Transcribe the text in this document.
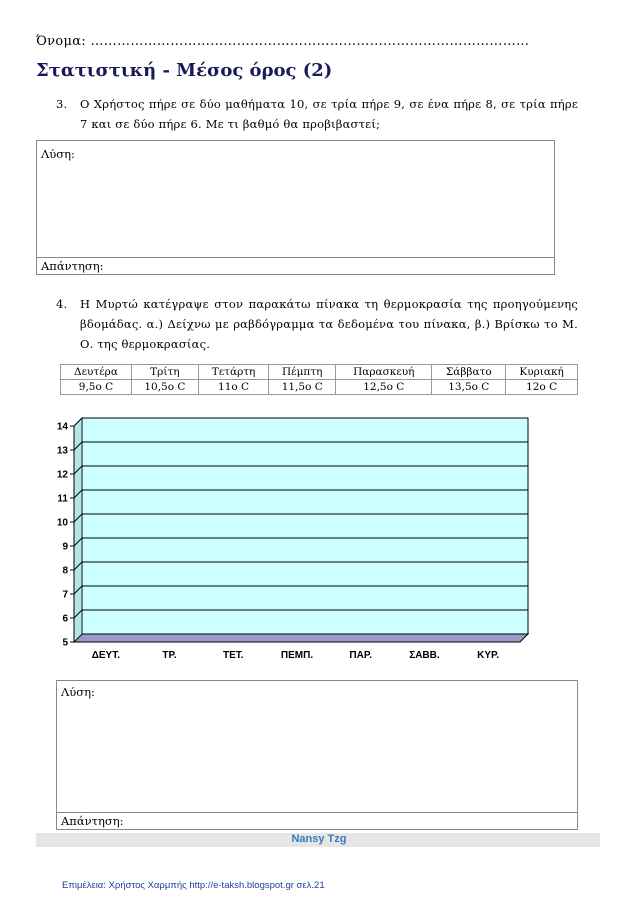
Όνομα: ………………………………………………………………………………………
Στατιστική - Μέσος όρος (2)
3. Ο Χρήστος πήρε σε δύο μαθήματα 10, σε τρία πήρε 9, σε ένα πήρε 8, σε τρία πήρε 7 και σε δύο πήρε 6. Με τι βαθμό θα προβιβαστεί;
Λύση:
Απάντηση:
4. Η Μυρτώ κατέγραψε στον παρακάτω πίνακα τη θερμοκρασία της προηγούμενης βδομάδας. α.) Δείχνω με ραβδόγραμμα τα δεδομένα του πίνακα, β.) Βρίσκω το Μ. Ο. της θερμοκρασίας.
Δευτέρα	Τρίτη	Τετάρτη	Πέμπτη	Παρασκευή	Σάββατο	Κυριακή
9,5ο C	10,5ο C	11ο C	11,5ο C	12,5ο C	13,5ο C	12ο C
5
6
7
8
9
10
11
12
13
14
ΔΕΥΤ.	ΤΡ.	ΤΕΤ.	ΠΕΜΠ.	ΠΑΡ.	ΣΑΒΒ.	ΚΥΡ.
Λύση:
Απάντηση:
Nansy Tzg
Επιμέλεια: Χρήστος Χαρμπής http://e-taksh.blogspot.gr σελ.21
